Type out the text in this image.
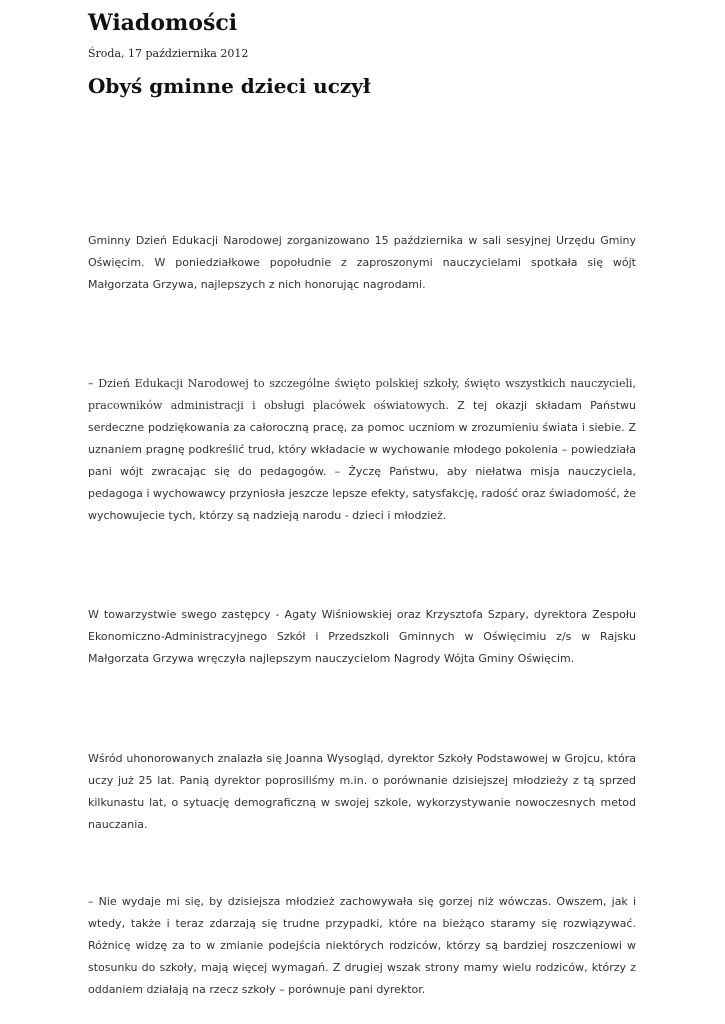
Wiadomości

Środa, 17 października 2012

Obyś gminne dzieci uczył

Gminny Dzień Edukacji Narodowej zorganizowano 15 października w sali sesyjnej Urzędu Gminy Oświęcim. W poniedziałkowe popołudnie z zaproszonymi nauczycielami spotkała się wójt Małgorzata Grzywa, najlepszych z nich honorując nagrodami.

– Dzień Edukacji Narodowej to szczególne święto polskiej szkoły, święto wszystkich nauczycieli, pracowników administracji i obsługi placówek oświatowych. Z tej okazji składam Państwu serdeczne podziękowania za całoroczną pracę, za pomoc uczniom w zrozumieniu świata i siebie. Z uznaniem pragnę podkreślić trud, który wkładacie w wychowanie młodego pokolenia – powiedziała pani wójt zwracając się do pedagogów. – Życzę Państwu, aby niełatwa misja nauczyciela, pedagoga i wychowawcy przyniosła jeszcze lepsze efekty, satysfakcję, radość oraz świadomość, że wychowujecie tych, którzy są nadzieją narodu - dzieci i młodzież.

W towarzystwie swego zastępcy - Agaty Wiśniowskiej oraz Krzysztofa Szpary, dyrektora Zespołu Ekonomiczno-Administracyjnego Szkół i Przedszkoli Gminnych w Oświęcimiu z/s w Rajsku Małgorzata Grzywa wręczyła najlepszym nauczycielom Nagrody Wójta Gminy Oświęcim.

Wśród uhonorowanych znalazła się Joanna Wysogląd, dyrektor Szkoły Podstawowej w Grojcu, która uczy już 25 lat. Panią dyrektor poprosiliśmy m.in. o porównanie dzisiejszej młodzieży z tą sprzed kilkunastu lat, o sytuację demograficzną w swojej szkole, wykorzystywanie nowoczesnych metod nauczania.

– Nie wydaje mi się, by dzisiejsza młodzież zachowywała się gorzej niż wówczas. Owszem, jak i wtedy, także i teraz zdarzają się trudne przypadki, które na bieżąco staramy się rozwiązywać. Różnicę widzę za to w zmianie podejścia niektórych rodziców, którzy są bardziej roszczeniowi w stosunku do szkoły, mają więcej wymagań. Z drugiej wszak strony mamy wielu rodziców, którzy z oddaniem działają na rzecz szkoły – porównuje pani dyrektor.
